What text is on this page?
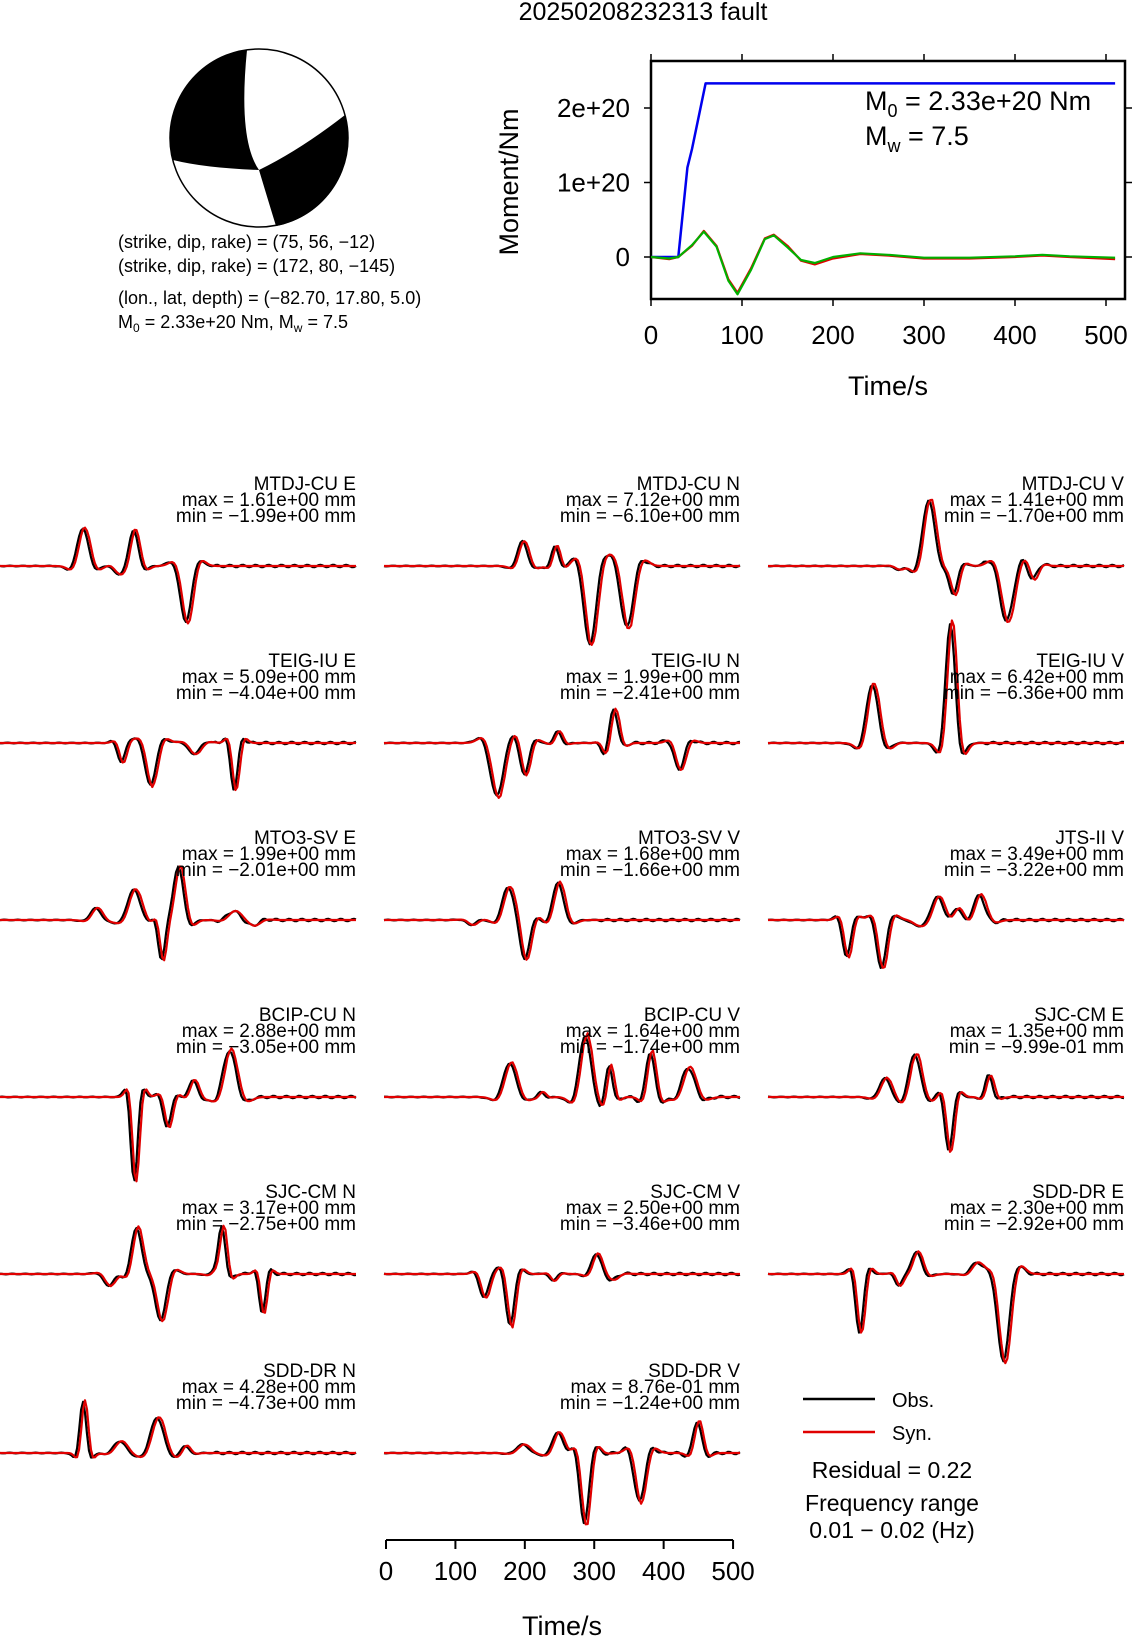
20250208232313 fault
(strike, dip, rake) = (75, 56, −12)
(strike, dip, rake) = (172, 80, −145)
(lon., lat, depth) = (−82.70, 17.80, 5.0)
$M_0 = 2.33e+20$ Nm, $M_w = 7.5$	0 100 200 300 400 500
0
1e+20
2e+20	$M_0 = 2.33e+20$ Nm
$M_w = 7.5$
Moment/Nm
Time/s
MTDJ-CU E
max = 1.61e+00 mm
min = −1.99e+00 mm
MTDJ-CU N
max = 7.12e+00 mm
min = −6.10e+00 mm
MTDJ-CU V
max = 1.41e+00 mm
min = −1.70e+00 mm
TEIG-IU E
max = 5.09e+00 mm
min = −4.04e+00 mm
TEIG-IU N
max = 1.99e+00 mm
min = −2.41e+00 mm
TEIG-IU V
max = 6.42e+00 mm
min = −6.36e+00 mm
MTO3-SV E
max = 1.99e+00 mm
min = −2.01e+00 mm
MTO3-SV V
max = 1.68e+00 mm
min = −1.66e+00 mm
JTS-II V
max = 3.49e+00 mm
min = −3.22e+00 mm
BCIP-CU N
max = 2.88e+00 mm
min = −3.05e+00 mm
BCIP-CU V
max = 1.64e+00 mm
min = −1.74e+00 mm
SJC-CM E
max = 1.35e+00 mm
min = −9.99e-01 mm
SJC-CM N
max = 3.17e+00 mm
min = −2.75e+00 mm
SJC-CM V
max = 2.50e+00 mm
min = −3.46e+00 mm
SDD-DR E
max = 2.30e+00 mm
min = −2.92e+00 mm
SDD-DR N
max = 4.28e+00 mm
min = −4.73e+00 mm
SDD-DR V
max = 8.76e-01 mm
min = −1.24e+00 mm
0 100 200 300 400 500
Time/s
Obs.
Syn.
Residual = 0.22
Frequency range
0.01 − 0.02 (Hz)
